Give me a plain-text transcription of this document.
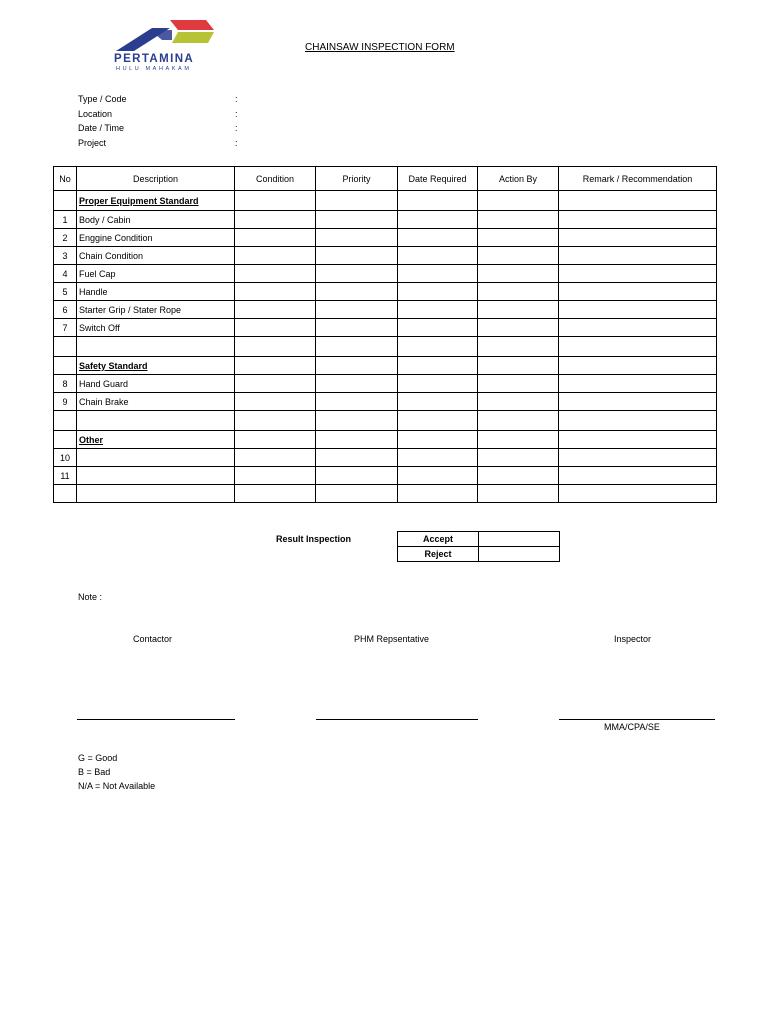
PERTAMINA
HULU MAHAKAM
CHAINSAW INSPECTION FORM
Type / Code	:
Location	:
Date / Time	:
Project	:
No	Description	Condition	Priority	Date Required	Action By	Remark / Recommendation
	Proper Equipment Standard					
1	Body / Cabin					
2	Enggine Condition					
3	Chain Condition					
4	Fuel Cap					
5	Handle					
6	Starter Grip / Stater Rope					
7	Switch Off					

	Safety Standard					
8	Hand Guard					
9	Chain Brake					

	Other					
10						
11						

Result Inspection	Accept	
Reject	
Note :
Contactor	PHM Repsentative	Inspector
MMA/CPA/SE
G = Good
B = Bad
N/A = Not Available
